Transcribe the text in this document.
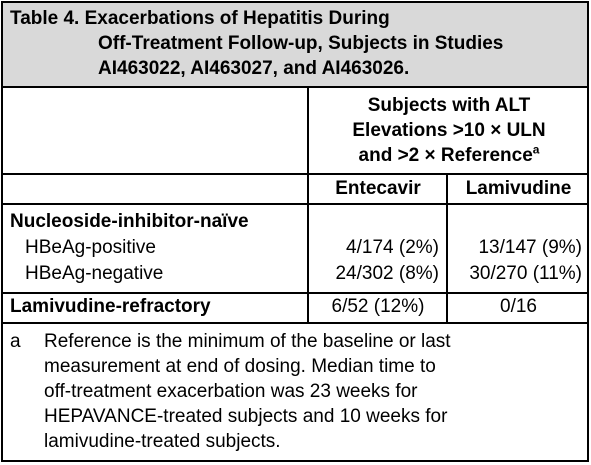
Table 4. Exacerbations of Hepatitis During
Off-Treatment Follow-up, Subjects in Studies
AI463022, AI463027, and AI463026.
Subjects with ALT
Elevations >10 × ULN
and >2 × Reference$^a$
Entecavir	Lamivudine
Nucleoside-inhibitor-naïve
HBeAg-positive	4/174 (2%)	13/147 (9%)
HBeAg-negative	24/302 (8%)	30/270 (11%)
Lamivudine-refractory	6/52 (12%)	0/16
a Reference is the minimum of the baseline or last
measurement at end of dosing. Median time to
off-treatment exacerbation was 23 weeks for
HEPAVANCE-treated subjects and 10 weeks for
lamivudine-treated subjects.
